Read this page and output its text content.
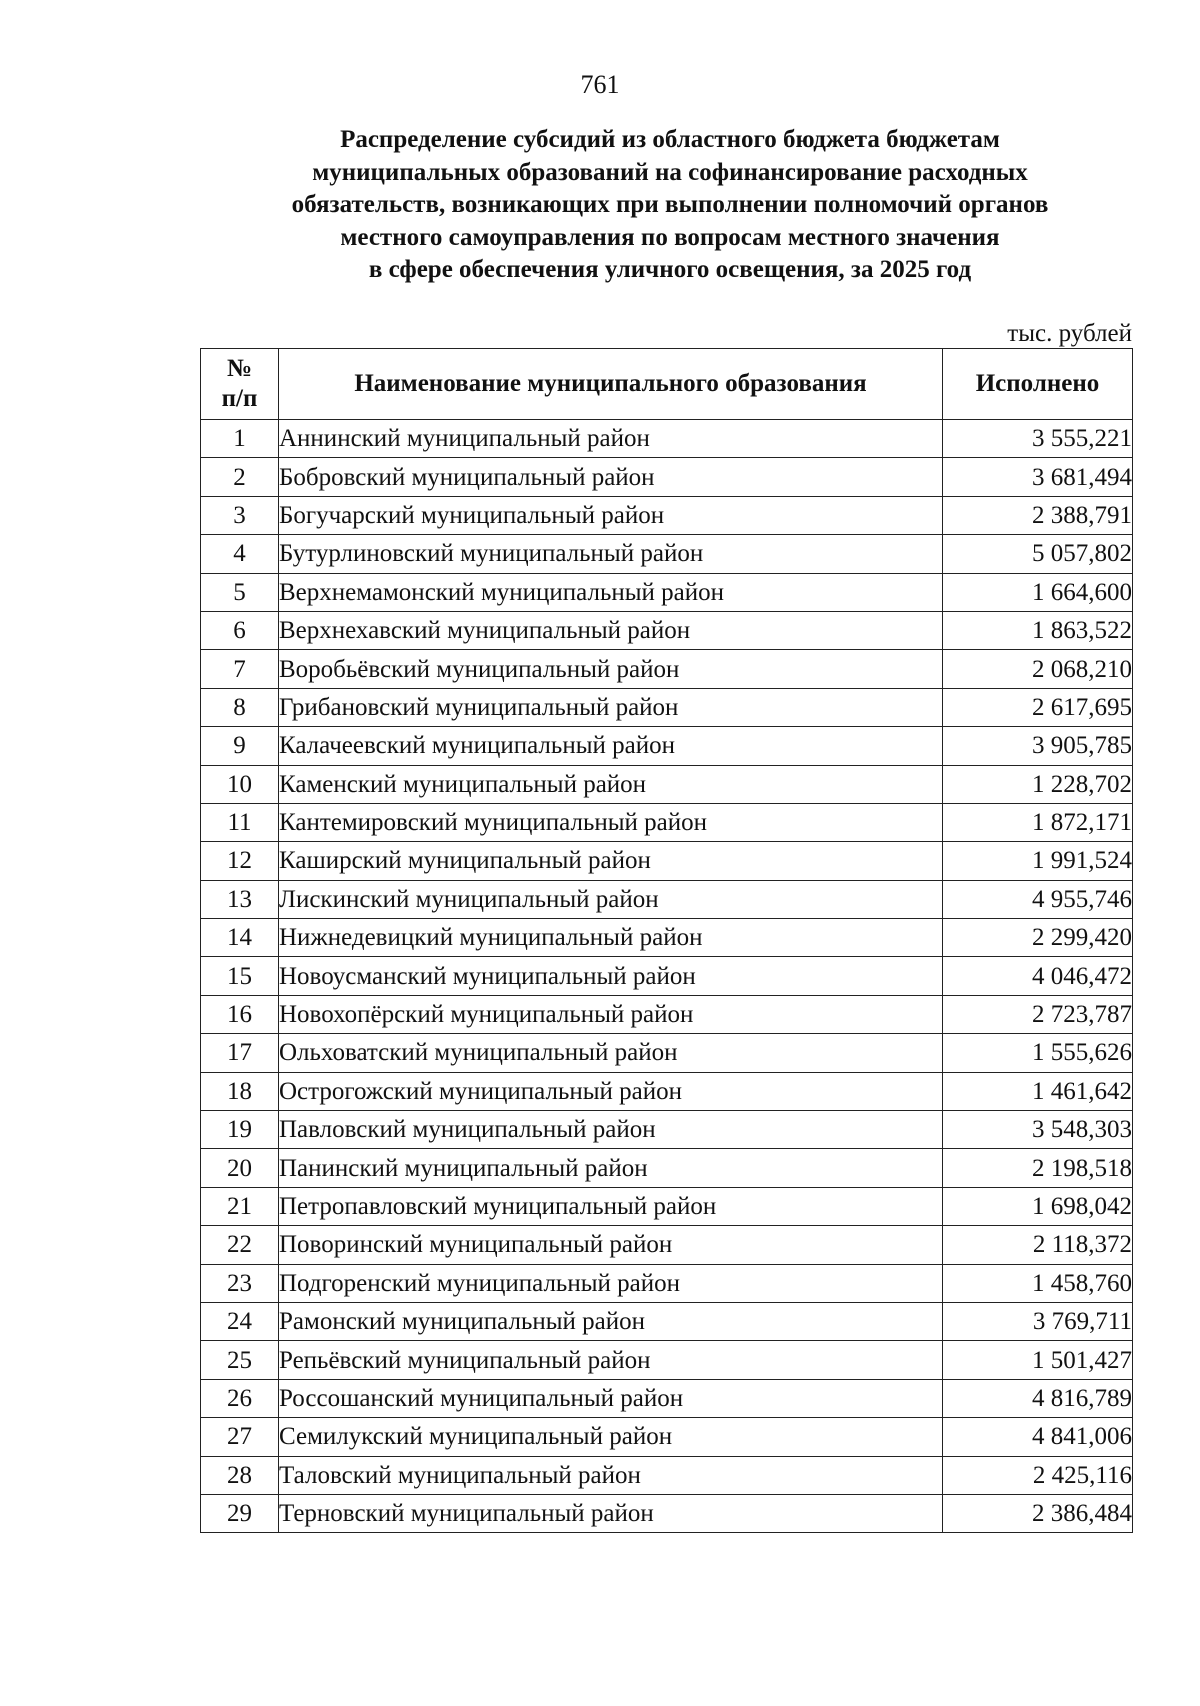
761
Распределение субсидий из областного бюджета бюджетам
муниципальных образований на софинансирование расходных
обязательств, возникающих при выполнении полномочий органов
местного самоуправления по вопросам местного значения
в сфере обеспечения уличного освещения, за 2025 год
тыс. рублей
№
п/п	Наименование муниципального образования	Исполнено
1	Аннинский муниципальный район	3 555,221
2	Бобровский муниципальный район	3 681,494
3	Богучарский муниципальный район	2 388,791
4	Бутурлиновский муниципальный район	5 057,802
5	Верхнемамонский муниципальный район	1 664,600
6	Верхнехавский муниципальный район	1 863,522
7	Воробьёвский муниципальный район	2 068,210
8	Грибановский муниципальный район	2 617,695
9	Калачеевский муниципальный район	3 905,785
10	Каменский муниципальный район	1 228,702
11	Кантемировский муниципальный район	1 872,171
12	Каширский муниципальный район	1 991,524
13	Лискинский муниципальный район	4 955,746
14	Нижнедевицкий муниципальный район	2 299,420
15	Новоусманский муниципальный район	4 046,472
16	Новохопёрский муниципальный район	2 723,787
17	Ольховатский муниципальный район	1 555,626
18	Острогожский муниципальный район	1 461,642
19	Павловский муниципальный район	3 548,303
20	Панинский муниципальный район	2 198,518
21	Петропавловский муниципальный район	1 698,042
22	Поворинский муниципальный район	2 118,372
23	Подгоренский муниципальный район	1 458,760
24	Рамонский муниципальный район	3 769,711
25	Репьёвский муниципальный район	1 501,427
26	Россошанский муниципальный район	4 816,789
27	Семилукский муниципальный район	4 841,006
28	Таловский муниципальный район	2 425,116
29	Терновский муниципальный район	2 386,484
